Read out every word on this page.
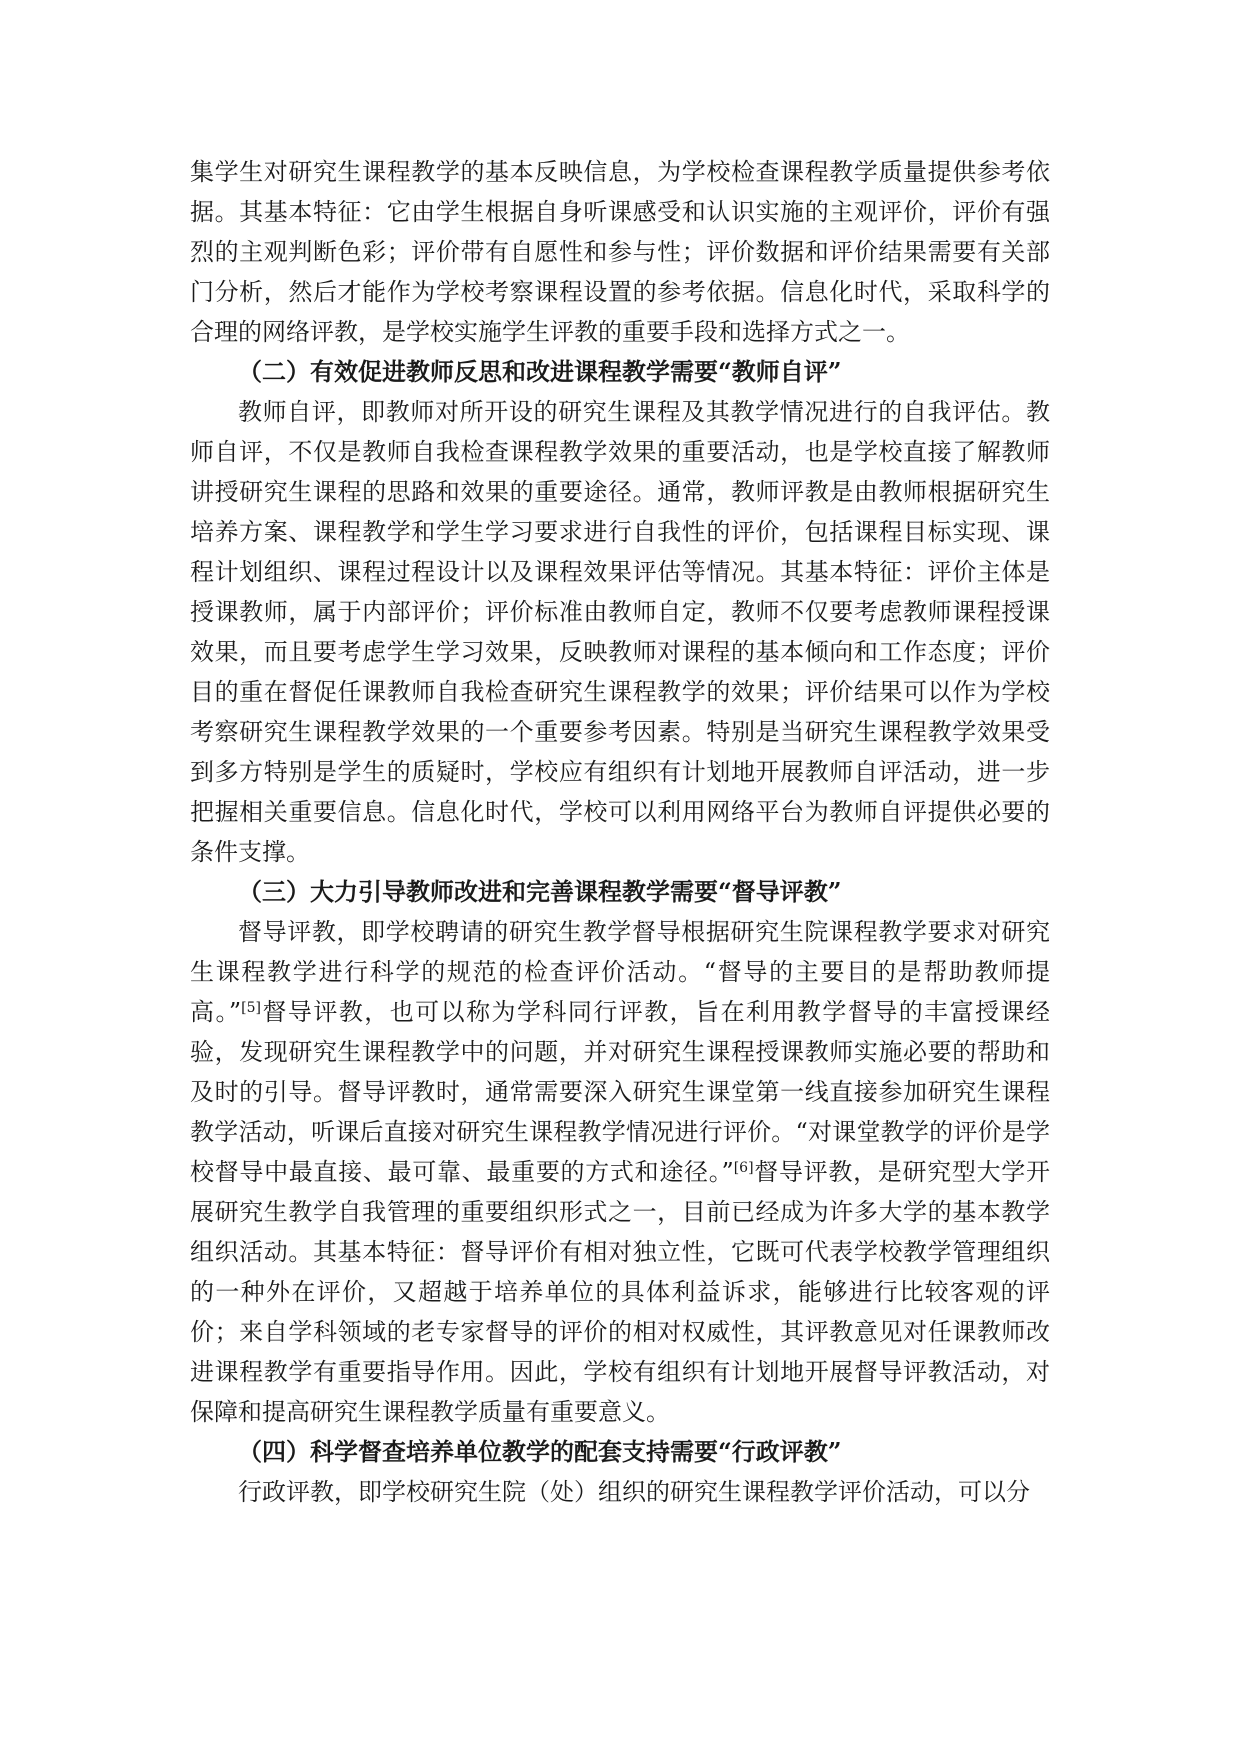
集学生对研究生课程教学的基本反映信息，为学校检查课程教学质量提供参考依据。其基本特征：它由学生根据自身听课感受和认识实施的主观评价，评价有强烈的主观判断色彩；评价带有自愿性和参与性；评价数据和评价结果需要有关部门分析，然后才能作为学校考察课程设置的参考依据。信息化时代，采取科学的合理的网络评教，是学校实施学生评教的重要手段和选择方式之一。

（二）有效促进教师反思和改进课程教学需要“教师自评”

教师自评，即教师对所开设的研究生课程及其教学情况进行的自我评估。教师自评，不仅是教师自我检查课程教学效果的重要活动，也是学校直接了解教师讲授研究生课程的思路和效果的重要途径。通常，教师评教是由教师根据研究生培养方案、课程教学和学生学习要求进行自我性的评价，包括课程目标实现、课程计划组织、课程过程设计以及课程效果评估等情况。其基本特征：评价主体是授课教师，属于内部评价；评价标准由教师自定，教师不仅要考虑教师课程授课效果，而且要考虑学生学习效果，反映教师对课程的基本倾向和工作态度；评价目的重在督促任课教师自我检查研究生课程教学的效果；评价结果可以作为学校考察研究生课程教学效果的一个重要参考因素。特别是当研究生课程教学效果受到多方特别是学生的质疑时，学校应有组织有计划地开展教师自评活动，进一步把握相关重要信息。信息化时代，学校可以利用网络平台为教师自评提供必要的条件支撑。

（三）大力引导教师改进和完善课程教学需要“督导评教”

督导评教，即学校聘请的研究生教学督导根据研究生院课程教学要求对研究生课程教学进行科学的规范的检查评价活动。“督导的主要目的是帮助教师提高。”[5]督导评教，也可以称为学科同行评教，旨在利用教学督导的丰富授课经验，发现研究生课程教学中的问题，并对研究生课程授课教师实施必要的帮助和及时的引导。督导评教时，通常需要深入研究生课堂第一线直接参加研究生课程教学活动，听课后直接对研究生课程教学情况进行评价。“对课堂教学的评价是学校督导中最直接、最可靠、最重要的方式和途径。”[6]督导评教，是研究型大学开展研究生教学自我管理的重要组织形式之一，目前已经成为许多大学的基本教学组织活动。其基本特征：督导评价有相对独立性，它既可代表学校教学管理组织的一种外在评价，又超越于培养单位的具体利益诉求，能够进行比较客观的评价；来自学科领域的老专家督导的评价的相对权威性，其评教意见对任课教师改进课程教学有重要指导作用。因此，学校有组织有计划地开展督导评教活动，对保障和提高研究生课程教学质量有重要意义。

（四）科学督查培养单位教学的配套支持需要“行政评教”

行政评教，即学校研究生院（处）组织的研究生课程教学评价活动，可以分
